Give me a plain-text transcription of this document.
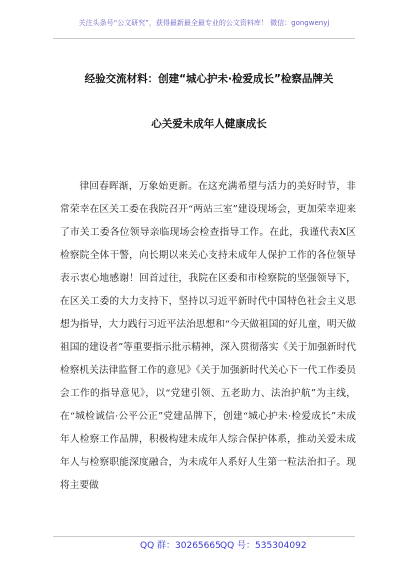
关注头条号“公文研究”，获得最新最全最专业的公文资料库！ 微信：gongwenyj
经验交流材料：创建“城心护未·检爱成长”检察品牌关
心关爱未成年人健康成长

律回春晖渐，万象始更新。在这充满希望与活力的美好时节，非常荣幸在区关工委在我院召开“两站三室”建设现场会，更加荣幸迎来了市关工委各位领导亲临现场会检查指导工作。在此，我谨代表X区检察院全体干警，向长期以来关心支持未成年人保护工作的各位领导表示衷心地感谢！回首过往，我院在区委和市检察院的坚强领导下，在区关工委的大力支持下，坚持以习近平新时代中国特色社会主义思想为指导，大力践行习近平法治思想和“今天做祖国的好儿童，明天做祖国的建设者”等重要指示批示精神，深入贯彻落实《关于加强新时代检察机关法律监督工作的意见》《关于加强新时代关心下一代工作委员会工作的指导意见》，以“党建引领、五老助力、法治护航”为主线，在“城检诚信·公平公正”党建品牌下，创建“城心护未·检爱成长”未成年人检察工作品牌，积极构建未成年人综合保护体系，推动关爱未成年人与检察职能深度融合，为未成年人系好人生第一粒法治扣子。现将主要做

QQ 群：30265665 QQ 号：535304092
